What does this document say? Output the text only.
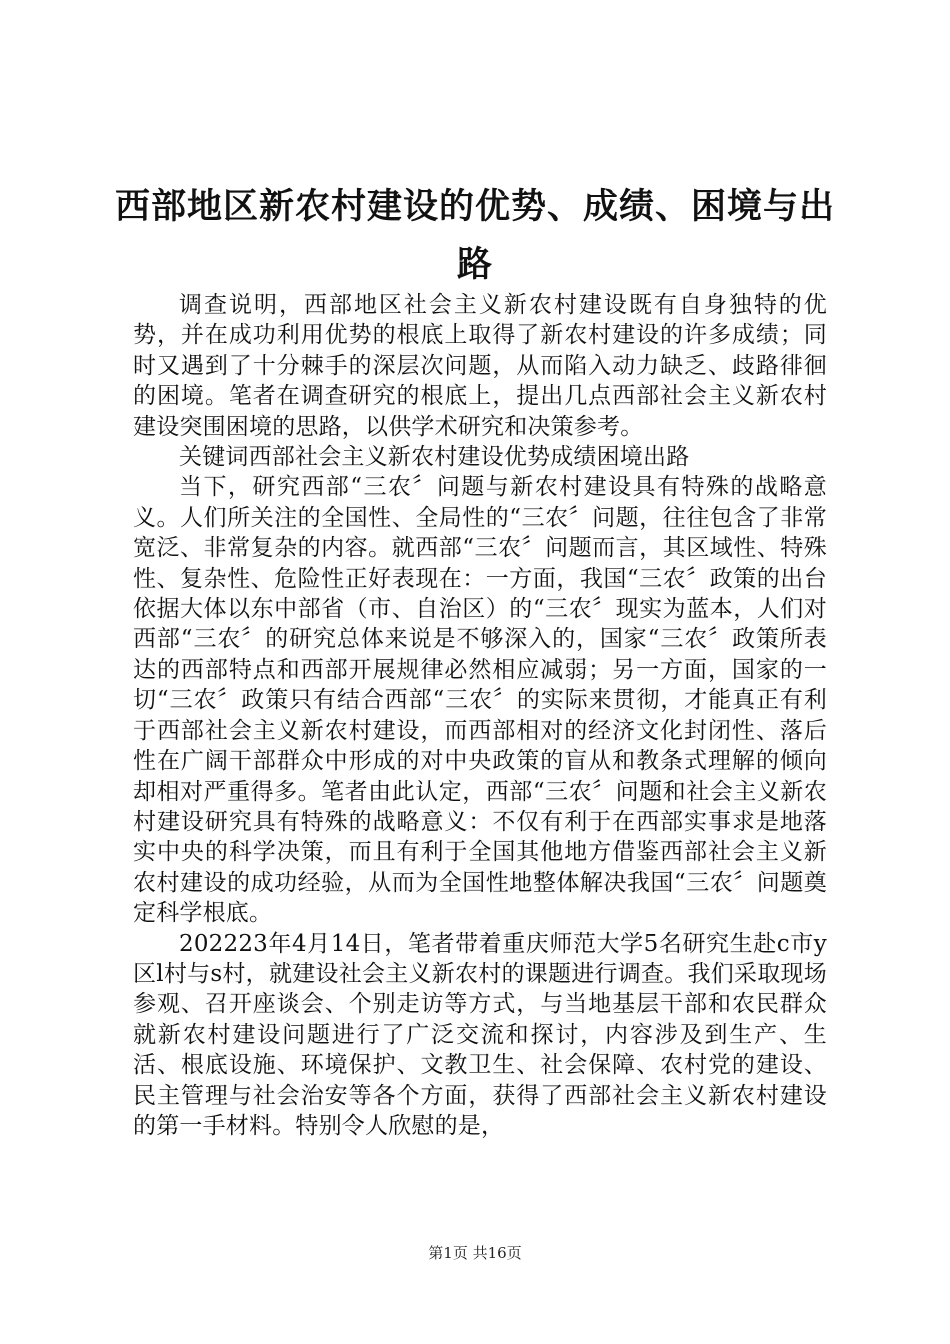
西部地区新农村建设的优势、成绩、困境与出路

调查说明，西部地区社会主义新农村建设既有自身独特的优势，并在成功利用优势的根底上取得了新农村建设的许多成绩；同时又遇到了十分棘手的深层次问题，从而陷入动力缺乏、歧路徘徊的困境。笔者在调查研究的根底上，提出几点西部社会主义新农村建设突围困境的思路，以供学术研究和决策参考。

关键词西部社会主义新农村建设优势成绩困境出路

当下，研究西部“三农〞问题与新农村建设具有特殊的战略意义。人们所关注的全国性、全局性的“三农〞问题，往往包含了非常宽泛、非常复杂的内容。就西部“三农〞问题而言，其区域性、特殊性、复杂性、危险性正好表现在：一方面，我国“三农〞政策的出台依据大体以东中部省（市、自治区）的“三农〞现实为蓝本，人们对西部“三农〞的研究总体来说是不够深入的，国家“三农〞政策所表达的西部特点和西部开展规律必然相应减弱；另一方面，国家的一切“三农〞政策只有结合西部“三农〞的实际来贯彻，才能真正有利于西部社会主义新农村建设，而西部相对的经济文化封闭性、落后性在广阔干部群众中形成的对中央政策的盲从和教条式理解的倾向却相对严重得多。笔者由此认定，西部“三农〞问题和社会主义新农村建设研究具有特殊的战略意义：不仅有利于在西部实事求是地落实中央的科学决策，而且有利于全国其他地方借鉴西部社会主义新农村建设的成功经验，从而为全国性地整体解决我国“三农〞问题奠定科学根底。

202223年4月14日，笔者带着重庆师范大学5名研究生赴c市y区l村与s村，就建设社会主义新农村的课题进行调查。我们采取现场参观、召开座谈会、个别走访等方式，与当地基层干部和农民群众就新农村建设问题进行了广泛交流和探讨，内容涉及到生产、生活、根底设施、环境保护、文教卫生、社会保障、农村党的建设、民主管理与社会治安等各个方面，获得了西部社会主义新农村建设的第一手材料。特别令人欣慰的是，

第1页 共16页
